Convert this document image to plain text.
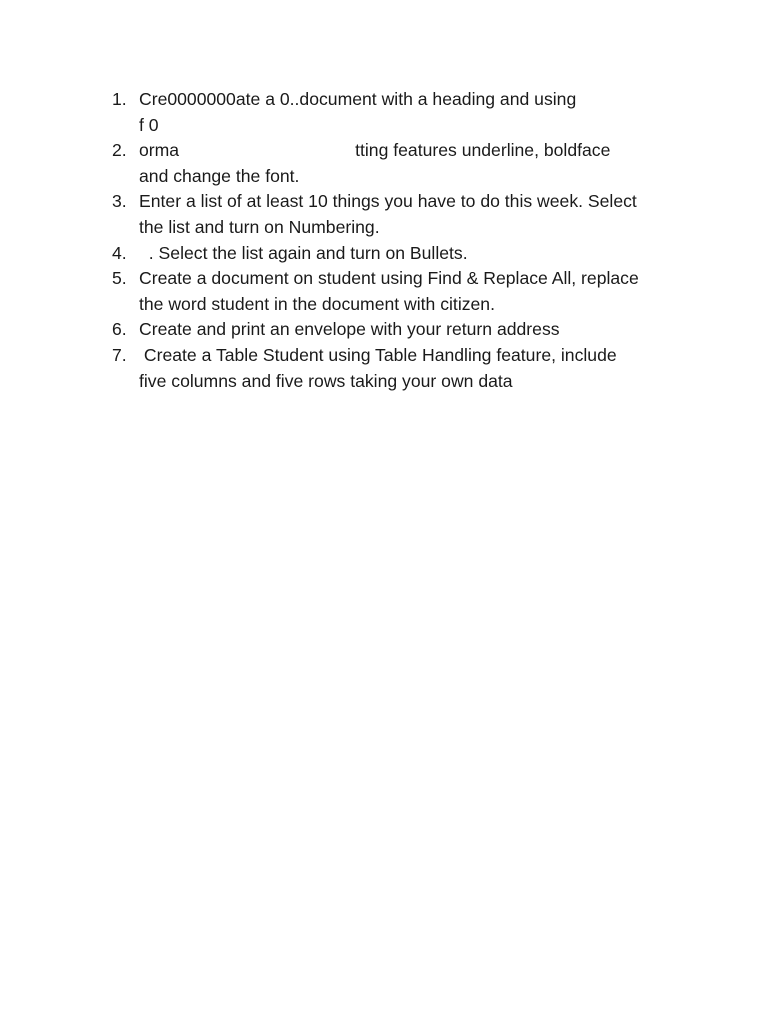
1. Cre0000000ate a 0..document with a heading and using
f 0
2. orma	tting features underline, boldface
and change the font.
3. Enter a list of at least 10 things you have to do this week. Select
the list and turn on Numbering.
4. . Select the list again and turn on Bullets.
5. Create a document on student using Find & Replace All, replace
the word student in the document with citizen.
6. Create and print an envelope with your return address
7. Create a Table Student using Table Handling feature, include
five columns and five rows taking your own data
